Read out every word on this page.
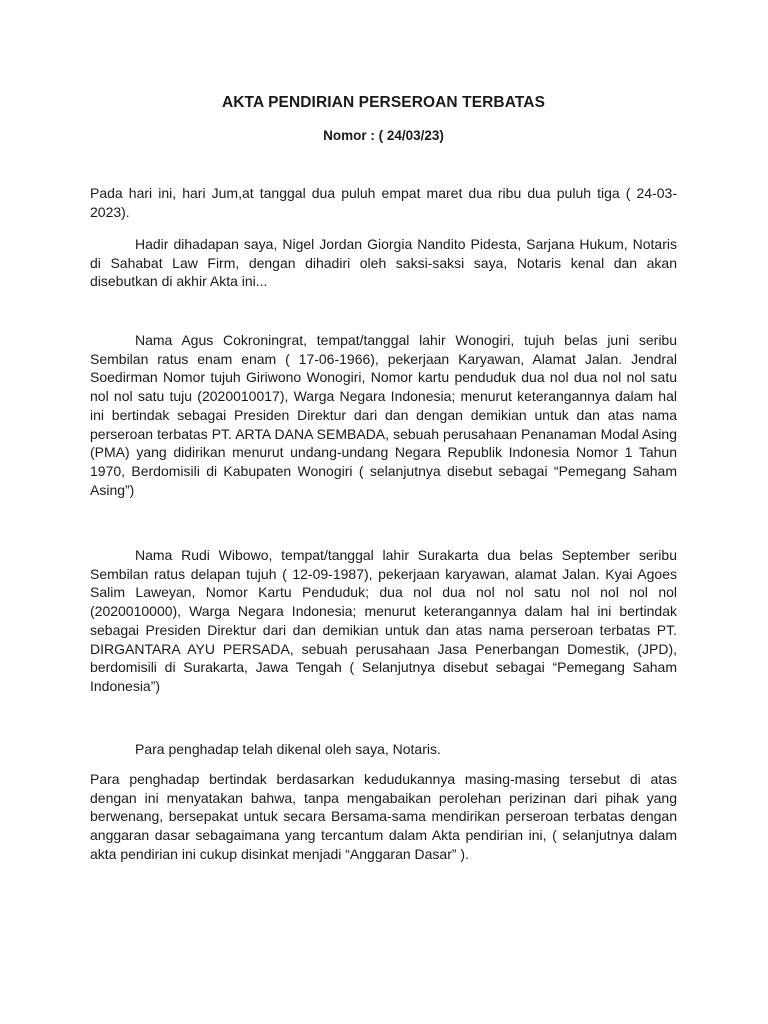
AKTA PENDIRIAN PERSEROAN TERBATAS

Nomor : ( 24/03/23)

Pada hari ini, hari Jum,at tanggal dua puluh empat maret dua ribu dua puluh tiga ( 24-03-2023).

Hadir dihadapan saya, Nigel Jordan Giorgia Nandito Pidesta, Sarjana Hukum, Notaris di Sahabat Law Firm, dengan dihadiri oleh saksi-saksi saya, Notaris kenal dan akan disebutkan di akhir Akta ini...

Nama Agus Cokroningrat, tempat/tanggal lahir Wonogiri, tujuh belas juni seribu Sembilan ratus enam enam ( 17-06-1966), pekerjaan Karyawan, Alamat Jalan. Jendral Soedirman Nomor tujuh Giriwono Wonogiri, Nomor kartu penduduk dua nol dua nol nol satu nol nol satu tuju (2020010017), Warga Negara Indonesia; menurut keterangannya dalam hal ini bertindak sebagai Presiden Direktur dari dan dengan demikian untuk dan atas nama perseroan terbatas PT. ARTA DANA SEMBADA, sebuah perusahaan Penanaman Modal Asing (PMA) yang didirikan menurut undang-undang Negara Republik Indonesia Nomor 1 Tahun 1970, Berdomisili di Kabupaten Wonogiri ( selanjutnya disebut sebagai “Pemegang Saham Asing”)

Nama Rudi Wibowo, tempat/tanggal lahir Surakarta dua belas September seribu Sembilan ratus delapan tujuh ( 12-09-1987), pekerjaan karyawan, alamat Jalan. Kyai Agoes Salim Laweyan, Nomor Kartu Penduduk; dua nol dua nol nol satu nol nol nol nol (2020010000), Warga Negara Indonesia; menurut keterangannya dalam hal ini bertindak sebagai Presiden Direktur dari dan demikian untuk dan atas nama perseroan terbatas PT. DIRGANTARA AYU PERSADA, sebuah perusahaan Jasa Penerbangan Domestik, (JPD), berdomisili di Surakarta, Jawa Tengah ( Selanjutnya disebut sebagai “Pemegang Saham Indonesia”)

Para penghadap telah dikenal oleh saya, Notaris.

Para penghadap bertindak berdasarkan kedudukannya masing-masing tersebut di atas dengan ini menyatakan bahwa, tanpa mengabaikan perolehan perizinan dari pihak yang berwenang, bersepakat untuk secara Bersama-sama mendirikan perseroan terbatas dengan anggaran dasar sebagaimana yang tercantum dalam Akta pendirian ini, ( selanjutnya dalam akta pendirian ini cukup disinkat menjadi “Anggaran Dasar” ).
